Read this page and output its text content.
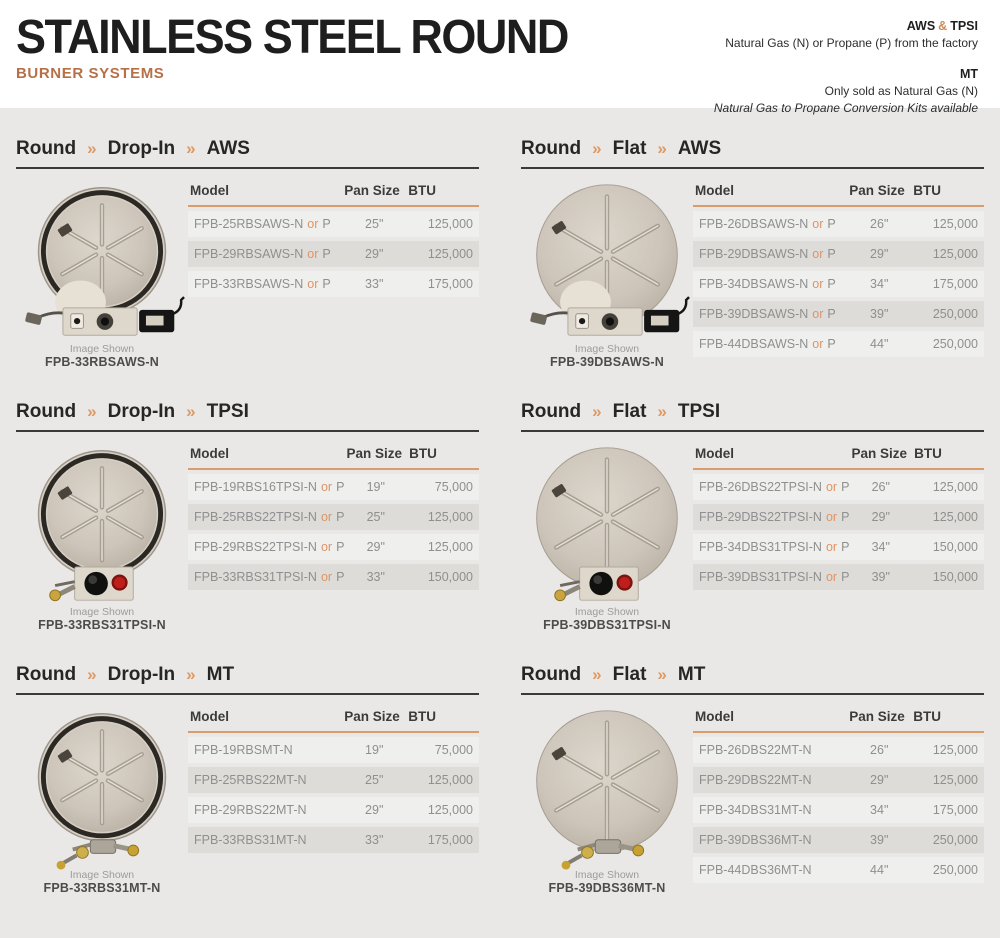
STAINLESS STEEL ROUND
BURNER SYSTEMS
AWS & TPSI
Natural Gas (N) or Propane (P) from the factory
MT
Only sold as Natural Gas (N)
Natural Gas to Propane Conversion Kits available
Round » Drop-In » AWS
Image Shown
FPB-33RBSAWS-N
Model	Pan Size	BTU
FPB-25RBSAWS-N or P	25"	125,000
FPB-29RBSAWS-N or P	29"	125,000
FPB-33RBSAWS-N or P	33"	175,000
Round » Flat » AWS
Image Shown
FPB-39DBSAWS-N
Model	Pan Size	BTU
FPB-26DBSAWS-N or P	26"	125,000
FPB-29DBSAWS-N or P	29"	125,000
FPB-34DBSAWS-N or P	34"	175,000
FPB-39DBSAWS-N or P	39"	250,000
FPB-44DBSAWS-N or P	44"	250,000
Round » Drop-In » TPSI
Image Shown
FPB-33RBS31TPSI-N
Model	Pan Size	BTU
FPB-19RBS16TPSI-N or P	19"	75,000
FPB-25RBS22TPSI-N or P	25"	125,000
FPB-29RBS22TPSI-N or P	29"	125,000
FPB-33RBS31TPSI-N or P	33"	150,000
Round » Flat » TPSI
Image Shown
FPB-39DBS31TPSI-N
Model	Pan Size	BTU
FPB-26DBS22TPSI-N or P	26"	125,000
FPB-29DBS22TPSI-N or P	29"	125,000
FPB-34DBS31TPSI-N or P	34"	150,000
FPB-39DBS31TPSI-N or P	39"	150,000
Round » Drop-In » MT
Image Shown
FPB-33RBS31MT-N
Model	Pan Size	BTU
FPB-19RBSMT-N	19"	75,000
FPB-25RBS22MT-N	25"	125,000
FPB-29RBS22MT-N	29"	125,000
FPB-33RBS31MT-N	33"	175,000
Round » Flat » MT
Image Shown
FPB-39DBS36MT-N
Model	Pan Size	BTU
FPB-26DBS22MT-N	26"	125,000
FPB-29DBS22MT-N	29"	125,000
FPB-34DBS31MT-N	34"	175,000
FPB-39DBS36MT-N	39"	250,000
FPB-44DBS36MT-N	44"	250,000
